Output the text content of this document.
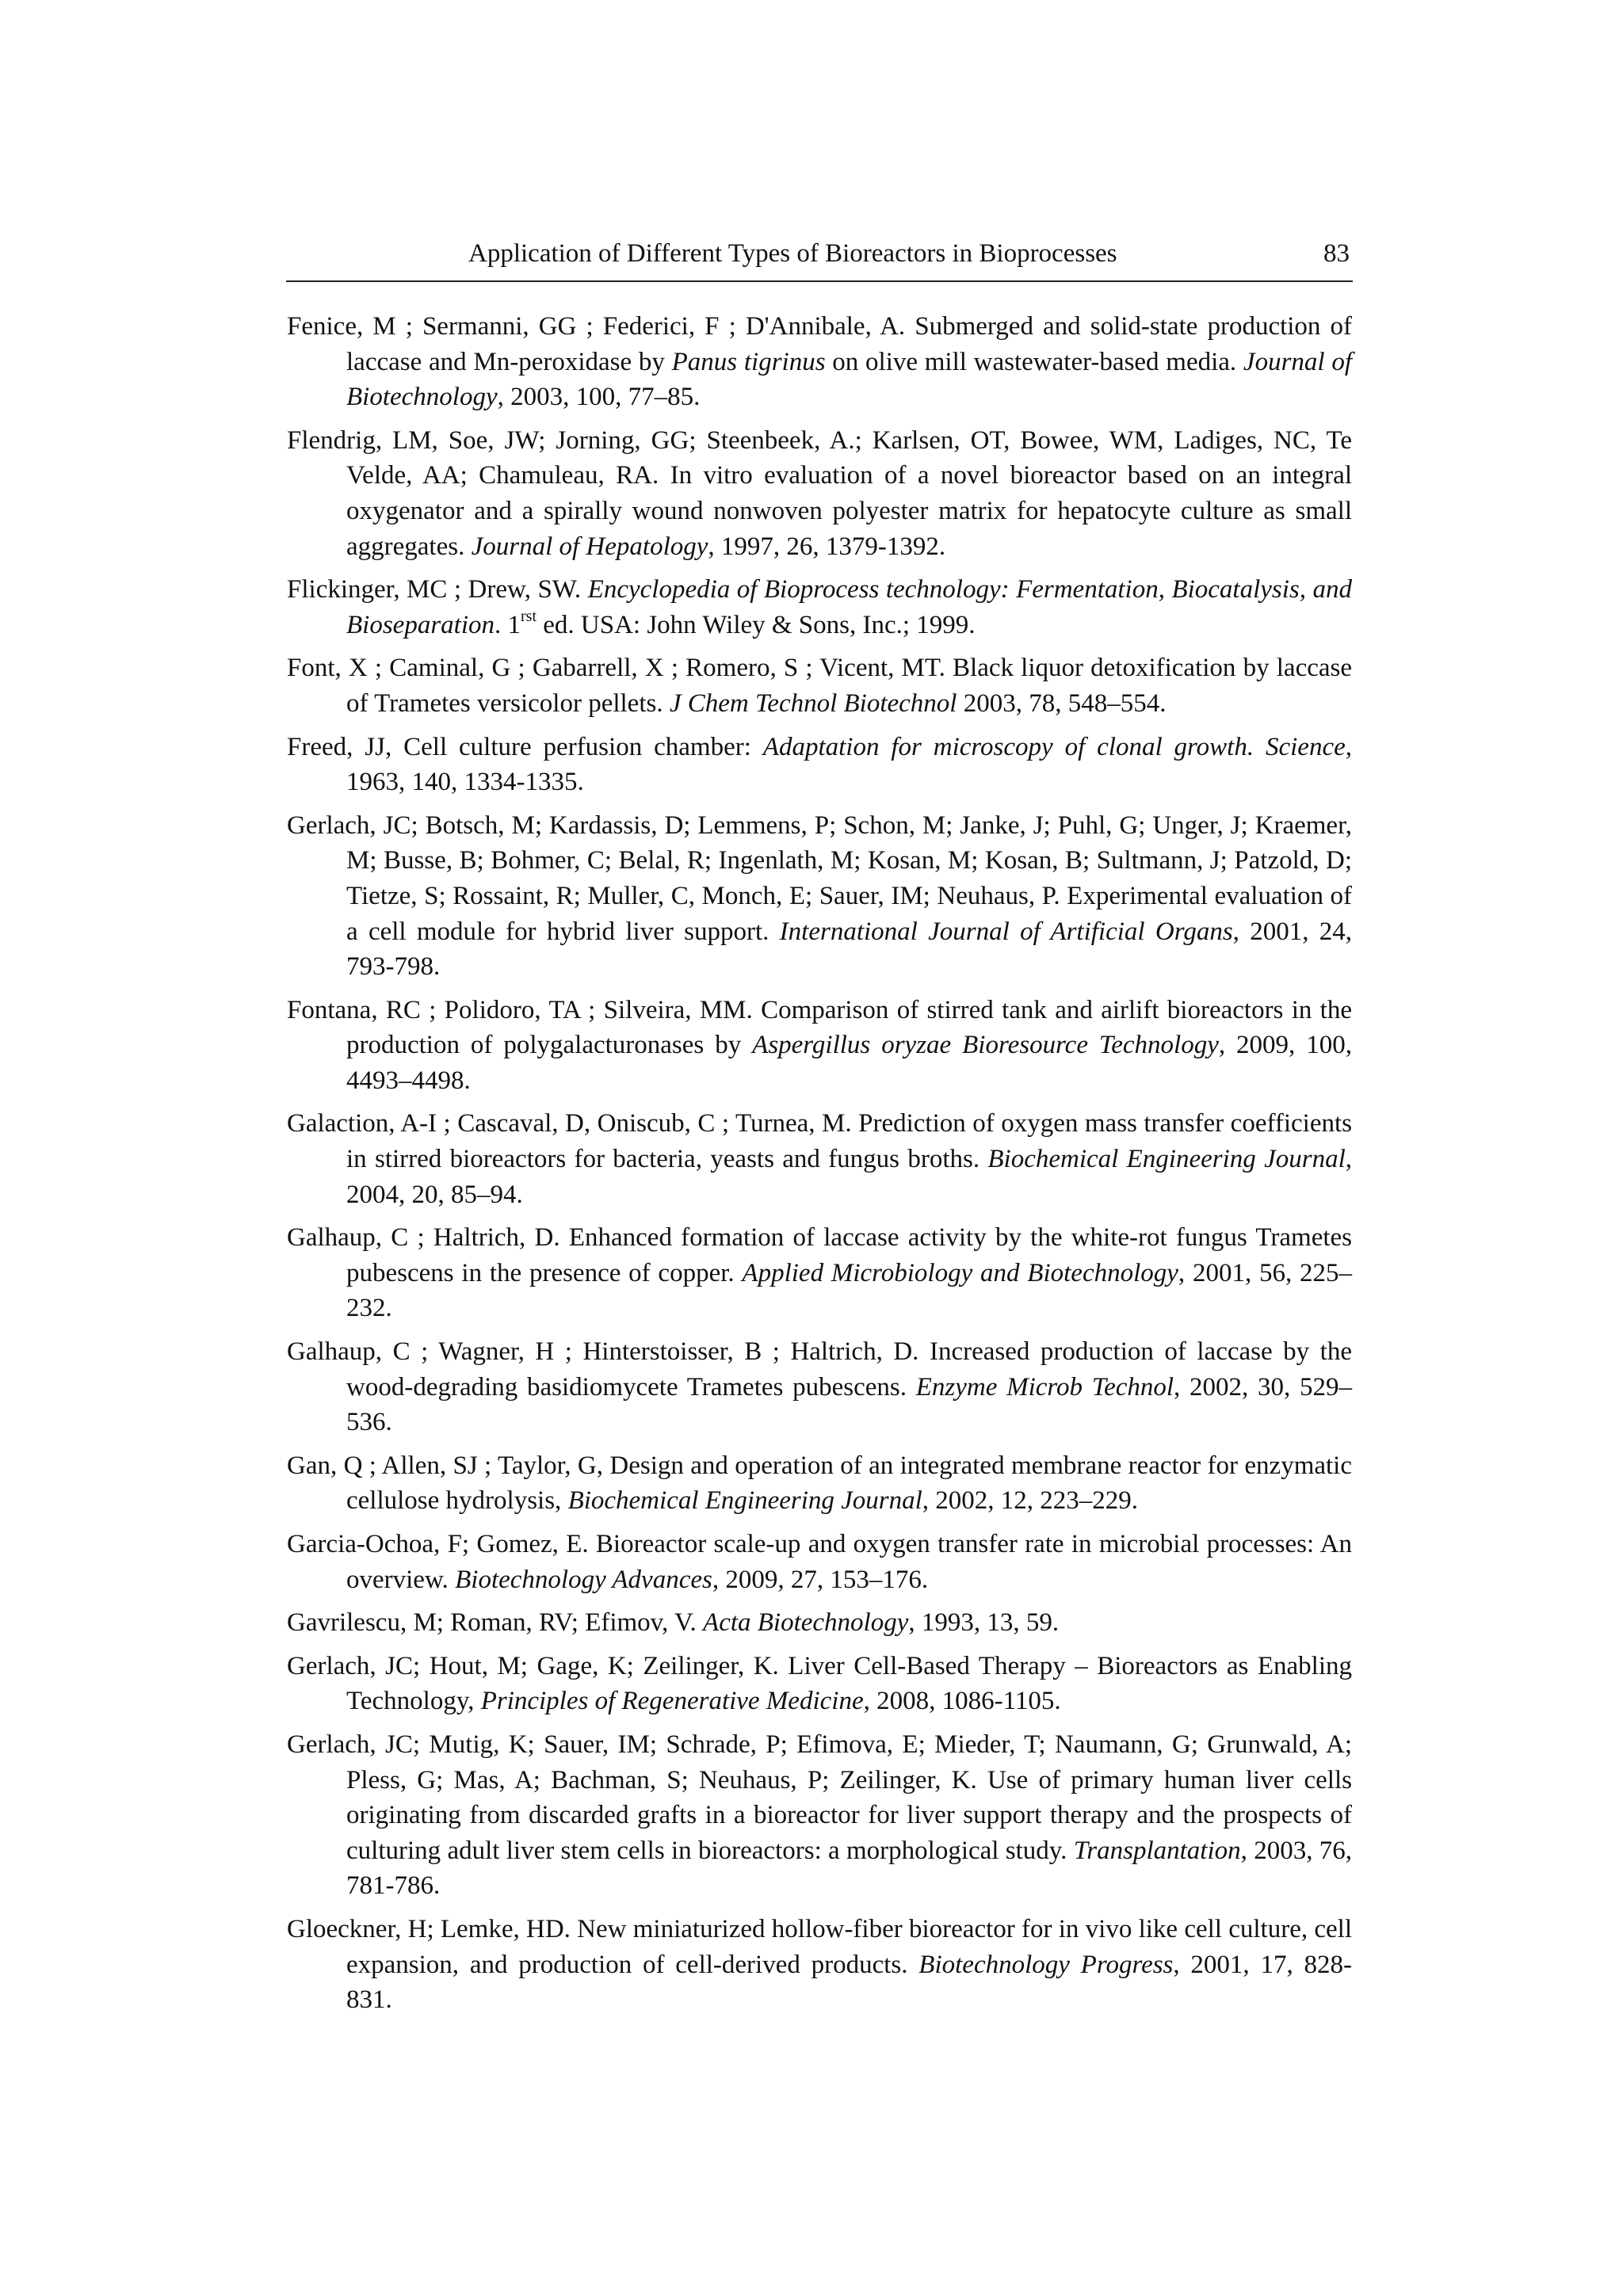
Application of Different Types of Bioreactors in Bioprocesses	83
Fenice, M ; Sermanni, GG ; Federici, F ; D'Annibale, A. Submerged and solid-state production of laccase and Mn-peroxidase by Panus tigrinus on olive mill wastewater-based media. Journal of Biotechnology, 2003, 100, 77–85.
Flendrig, LM, Soe, JW; Jorning, GG; Steenbeek, A.; Karlsen, OT, Bowee, WM, Ladiges, NC, Te Velde, AA; Chamuleau, RA. In vitro evaluation of a novel bioreactor based on an integral oxygenator and a spirally wound nonwoven polyester matrix for hepatocyte culture as small aggregates. Journal of Hepatology, 1997, 26, 1379-1392.
Flickinger, MC ; Drew, SW. Encyclopedia of Bioprocess technology: Fermentation, Biocatalysis, and Bioseparation. $1^{rst}$ ed. USA: John Wiley & Sons, Inc.; 1999.
Font, X ; Caminal, G ; Gabarrell, X ; Romero, S ; Vicent, MT. Black liquor detoxification by laccase of Trametes versicolor pellets. J Chem Technol Biotechnol 2003, 78, 548–554.
Freed, JJ, Cell culture perfusion chamber: Adaptation for microscopy of clonal growth. Science, 1963, 140, 1334-1335.
Gerlach, JC; Botsch, M; Kardassis, D; Lemmens, P; Schon, M; Janke, J; Puhl, G; Unger, J; Kraemer, M; Busse, B; Bohmer, C; Belal, R; Ingenlath, M; Kosan, M; Kosan, B; Sultmann, J; Patzold, D; Tietze, S; Rossaint, R; Muller, C, Monch, E; Sauer, IM; Neuhaus, P. Experimental evaluation of a cell module for hybrid liver support. International Journal of Artificial Organs, 2001, 24, 793-798.
Fontana, RC ; Polidoro, TA ; Silveira, MM. Comparison of stirred tank and airlift bioreactors in the production of polygalacturonases by Aspergillus oryzae Bioresource Technology, 2009, 100, 4493–4498.
Galaction, A-I ; Cascaval, D, Oniscub, C ; Turnea, M. Prediction of oxygen mass transfer coefficients in stirred bioreactors for bacteria, yeasts and fungus broths. Biochemical Engineering Journal, 2004, 20, 85–94.
Galhaup, C ; Haltrich, D. Enhanced formation of laccase activity by the white-rot fungus Trametes pubescens in the presence of copper. Applied Microbiology and Biotechnology, 2001, 56, 225–232.
Galhaup, C ; Wagner, H ; Hinterstoisser, B ; Haltrich, D. Increased production of laccase by the wood-degrading basidiomycete Trametes pubescens. Enzyme Microb Technol, 2002, 30, 529–536.
Gan, Q ; Allen, SJ ; Taylor, G, Design and operation of an integrated membrane reactor for enzymatic cellulose hydrolysis, Biochemical Engineering Journal, 2002, 12, 223–229.
Garcia-Ochoa, F; Gomez, E. Bioreactor scale-up and oxygen transfer rate in microbial processes: An overview. Biotechnology Advances, 2009, 27, 153–176.
Gavrilescu, M; Roman, RV; Efimov, V. Acta Biotechnology, 1993, 13, 59.
Gerlach, JC; Hout, M; Gage, K; Zeilinger, K. Liver Cell-Based Therapy – Bioreactors as Enabling Technology, Principles of Regenerative Medicine, 2008, 1086-1105.
Gerlach, JC; Mutig, K; Sauer, IM; Schrade, P; Efimova, E; Mieder, T; Naumann, G; Grunwald, A; Pless, G; Mas, A; Bachman, S; Neuhaus, P; Zeilinger, K. Use of primary human liver cells originating from discarded grafts in a bioreactor for liver support therapy and the prospects of culturing adult liver stem cells in bioreactors: a morphological study. Transplantation, 2003, 76, 781-786.
Gloeckner, H; Lemke, HD. New miniaturized hollow-fiber bioreactor for in vivo like cell culture, cell expansion, and production of cell-derived products. Biotechnology Progress, 2001, 17, 828-831.
